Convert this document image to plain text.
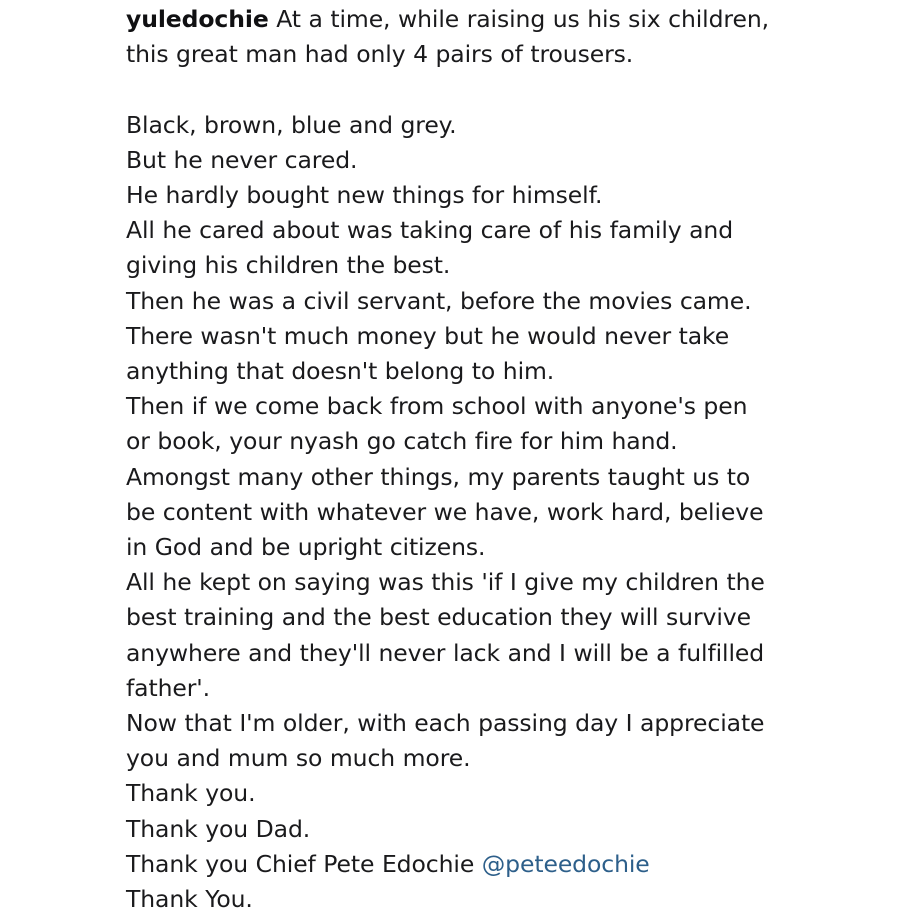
yuledochie At a time, while raising us his six children, this great man had only 4 pairs of trousers.
Black, brown, blue and grey.
But he never cared.
He hardly bought new things for himself.
All he cared about was taking care of his family and giving his children the best.
Then he was a civil servant, before the movies came.
There wasn't much money but he would never take anything that doesn't belong to him.
Then if we come back from school with anyone's pen or book, your nyash go catch fire for him hand.
Amongst many other things, my parents taught us to be content with whatever we have, work hard, believe in God and be upright citizens.
All he kept on saying was this 'if I give my children the best training and the best education they will survive anywhere and they'll never lack and I will be a fulfilled father'.
Now that I'm older, with each passing day I appreciate you and mum so much more.
Thank you.
Thank you Dad.
Thank you Chief Pete Edochie @peteedochie
Thank You.
